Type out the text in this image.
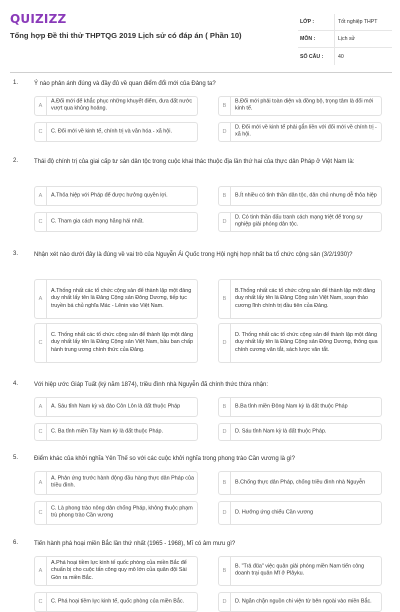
QUIZIZZ
Tổng hợp Đề thi thử THPTQG 2019 Lịch sử có đáp án ( Phần 10)
LỚP :	Tốt nghiệp THPT
MÔN :	Lịch sử
SỐ CÂU :	40
1.	Ý nào phản ánh đúng và đầy đủ về quan điểm đổi mới của Đảng ta?
A
A.Đổi mới để khắc phục những khuyết điểm, đưa đất nước vượt qua khủng hoảng.	B
B.Đổi mới phải toàn diện và đồng bộ, trọng tâm là đổi mới kinh tế.
C	C. Đổi mới về kinh tế, chính trị và văn hóa - xã hội.	D
D. Đổi mới về kinh tế phải gắn liền với đổi mới về chính trị - xã hội.
2.	Thái độ chính trị của giai cấp tư sản dân tộc trong cuộc khai thác thuộc địa lần thứ hai của thực dân Pháp ở Việt Nam là:
A	A.Thỏa hiệp với Pháp để được hưởng quyền lợi.	B	B.Ít nhiều có tinh thần dân tộc, dân chủ nhưng dễ thỏa hiệp
C	C. Tham gia cách mạng hăng hái nhất.	D
D. Có tinh thần đấu tranh cách mạng triệt để trong sự nghiệp giải phóng dân tộc.
3.	Nhận xét nào dưới đây là đúng về vai trò của Nguyễn Ái Quốc trong Hội nghị hợp nhất ba tổ chức cộng sản (3/2/1930)?
A
A.Thống nhất các tổ chức cộng sản để thành lập một đảng duy nhất lấy tên là Đảng Cộng sản Đông Dương, tiếp tục truyền bá chủ nghĩa Mác - Lênin vào Việt Nam.
B
B.Thống nhất các tổ chức cộng sản để thành lập một đảng duy nhất lấy tên là Đảng Cộng sản Việt Nam, soạn thảo cương lĩnh chính trị đầu tiên của Đảng.
C
C. Thống nhất các tổ chức cộng sản để thành lập một đảng duy nhất lấy tên là Đảng Cộng sản Việt Nam, bầu ban chấp hành trung ương chính thức của Đảng.
D
D. Thống nhất các tổ chức cộng sản để thành lập một đảng duy nhất lấy tên là Đảng Cộng sản Đông Dương, thông qua chính cương văn tắt, sách lược văn tắt.
4.	Với hiệp ước Giáp Tuất (ký năm 1874), triều đình nhà Nguyễn đã chính thức thừa nhận:
A	A. Sáu tỉnh Nam kỳ và đảo Côn Lôn là đất thuộc Pháp	B	B.Ba tỉnh miền Đông Nam kỳ là đất thuộc Pháp
C	C. Ba tỉnh miền Tây Nam kỳ là đất thuộc Pháp.	D	D. Sáu tỉnh Nam kỳ là đất thuộc Pháp.
5.	Điểm khác của khởi nghĩa Yên Thế so với các cuộc khởi nghĩa trong phong trào Cần vương là gì?
A
A. Phản ứng trước hành động đầu hàng thực dân Pháp của triều đình.	B	B.Chống thực dân Pháp, chống triều đình nhà Nguyễn
C
C. Là phong trào nông dân chống Pháp, không thuộc phạm trù phong trào Cần vương	D	D. Hưởng ứng chiếu Cần vương
6.	Tiến hành phá hoại miền Bắc lần thứ nhất (1965 - 1968), Mĩ có âm mưu gì?
A
A.Phá hoại tiềm lực kinh tế quốc phòng của miền Bắc để chuẩn bị cho cuộc tấn công quy mô lớn của quân đội Sài Gòn ra miền Bắc.
B
B. "Trả đũa" việc quân giải phóng miền Nam tiến công doanh trại quân Mĩ ở Plâyku.
C	C. Phá hoại tiềm lực kinh tế, quốc phòng của miền Bắc.	D	D. Ngăn chặn nguồn chi viện từ bên ngoài vào miền Bắc.
